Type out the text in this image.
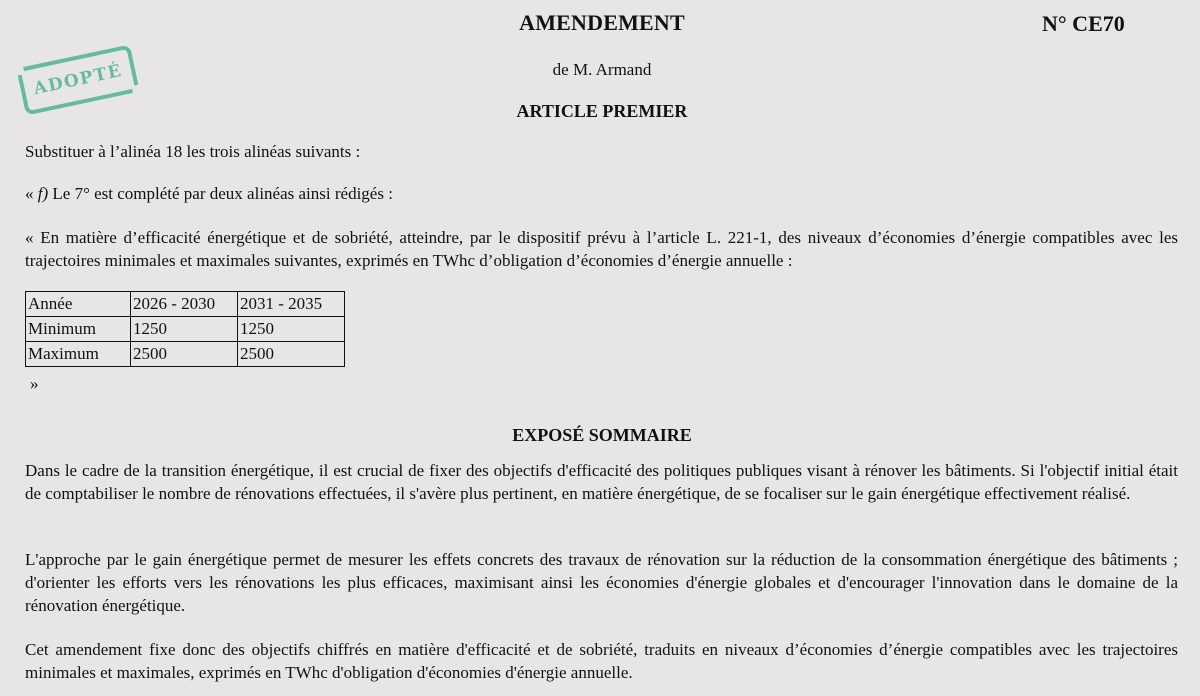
ADOPTÉ
AMENDEMENT	N° CE70
de M. Armand
ARTICLE PREMIER
Substituer à l’alinéa 18 les trois alinéas suivants :
« f) Le 7° est complété par deux alinéas ainsi rédigés :
« En matière d’efficacité énergétique et de sobriété, atteindre, par le dispositif prévu à l’article L. 221-1, des niveaux d’économies d’énergie compatibles avec les trajectoires minimales et maximales suivantes, exprimés en TWhc d’obligation d’économies d’énergie annuelle :
Année	2026 - 2030	2031 - 2035
Minimum	1250	1250
Maximum	2500	2500
»
EXPOSÉ SOMMAIRE
Dans le cadre de la transition énergétique, il est crucial de fixer des objectifs d'efficacité des politiques publiques visant à rénover les bâtiments. Si l'objectif initial était de comptabiliser le nombre de rénovations effectuées, il s'avère plus pertinent, en matière énergétique, de se focaliser sur le gain énergétique effectivement réalisé.
L'approche par le gain énergétique permet de mesurer les effets concrets des travaux de rénovation sur la réduction de la consommation énergétique des bâtiments ; d'orienter les efforts vers les rénovations les plus efficaces, maximisant ainsi les économies d'énergie globales et d'encourager l'innovation dans le domaine de la rénovation énergétique.
Cet amendement fixe donc des objectifs chiffrés en matière d'efficacité et de sobriété, traduits en niveaux d’économies d’énergie compatibles avec les trajectoires minimales et maximales, exprimés en TWhc d'obligation d'économies d'énergie annuelle.
